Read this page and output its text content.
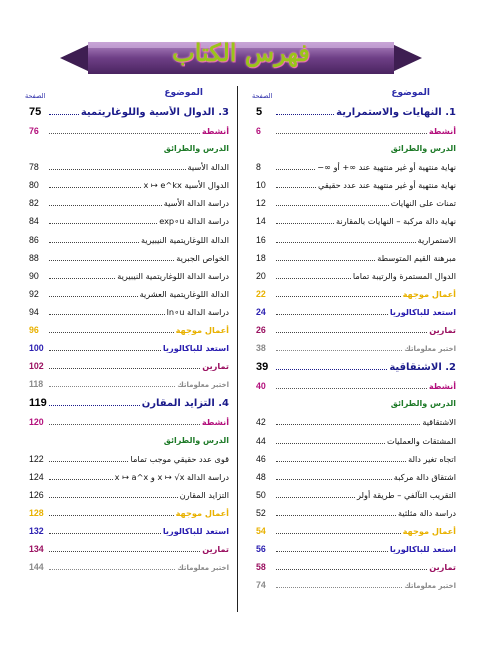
فهرس الكتاب
الموضوع
الصفحة
1. النهايات والاستمرارية
5
أنشطة
6
الدرس والطرائق
نهاية منتهية أو غير منتهية عند ∞+ أو ∞−
8
نهاية منتهية أو غير منتهية عند عدد حقيقي
10
تمنات على النهايات
12
نهاية دالة مركبة – النهايات بالمقارنة
14
الاستمرارية
16
مبرهنة القيم المتوسطة
18
الدوال المستمرة والرتيبة تماما
20
أعمال موجهة
22
استعد للباكالوريا
24
تمارين
26
اختبر معلوماتك
38
2. الاشتقاقية
39
أنشطة
40
الدرس والطرائق
الاشتقاقية
42
المشتقات والعمليات
44
اتجاه تغير دالة
46
اشتقاق دالة مركبة
48
التقريب التآلفي – طريقة أولر
50
دراسة دالة مثلثية
52
أعمال موجهة
54
استعد للباكالوريا
56
تمارين
58
اختبر معلوماتك
74
الموضوع
الصفحة
3. الدوال الأسية واللوغاريتمية
75
أنشطة
76
الدرس والطرائق
الدالة الأسية
78
الدوال الأسية x ↦ e^kx
80
دراسة الدالة الأسية
82
دراسة الدالة exp∘u
84
الدالة اللوغاريتمية النيبيرية
86
الخواص الجبرية
88
دراسة الدالة اللوغاريتمية النيبيرية
90
الدالة اللوغاريتمية العشرية
92
دراسة الدالة ln∘u
94
أعمال موجهة
96
استعد للباكالوريا
100
تمارين
102
اختبر معلوماتك
118
4. التزايد المقارن
119
أنشطة
120
الدرس والطرائق
قوى عدد حقيقي موجب تماما
122
دراسة الدالة x ↦ √x و x ↦ a^x
124
التزايد المقارن
126
أعمال موجهة
128
استعد للباكالوريا
132
تمارين
134
اختبر معلوماتك
144
